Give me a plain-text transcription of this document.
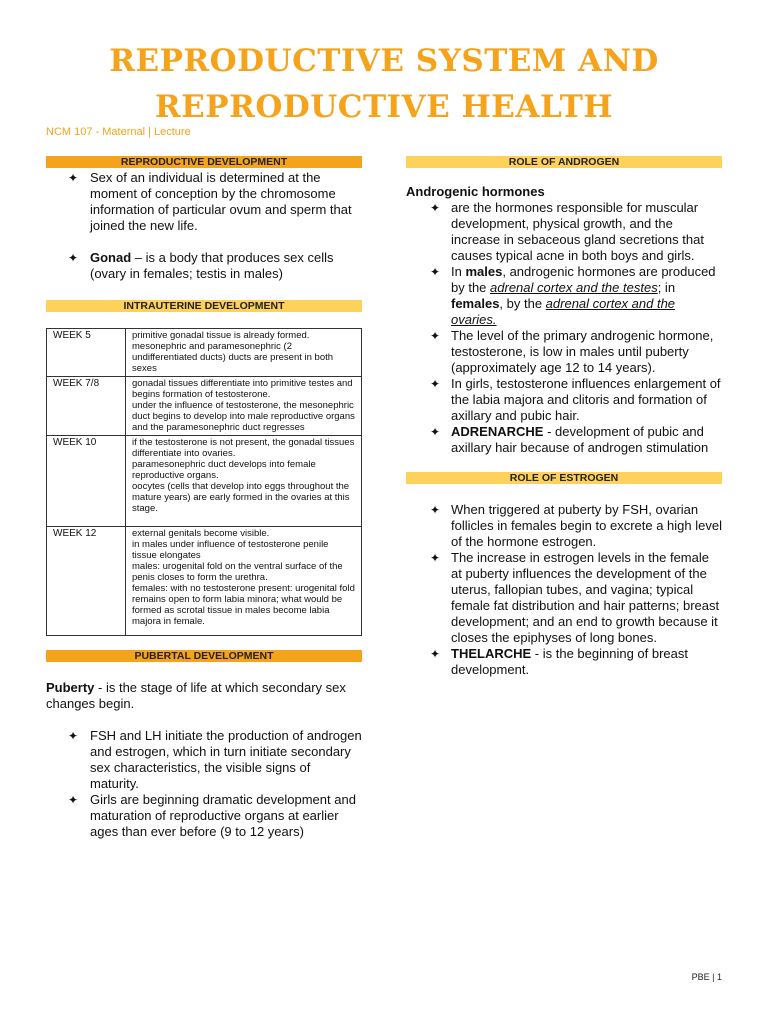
REPRODUCTIVE SYSTEM AND
REPRODUCTIVE HEALTH
NCM 107 - Maternal | Lecture
REPRODUCTIVE DEVELOPMENT
✦ Sex of an individual is determined at the moment of conception by the chromosome information of particular ovum and sperm that joined the new life.
✦ Gonad – is a body that produces sex cells (ovary in females; testis in males)
INTRAUTERINE DEVELOPMENT
WEEK 5	primitive gonadal tissue is already formed.
mesonephric and paramesonephric (2 undifferentiated ducts) ducts are present in both sexes

WEEK 7/8	gonadal tissues differentiate into primitive testes and begins formation of testosterone.
under the influence of testosterone, the mesonephric duct begins to develop into male reproductive organs and the paramesonephric duct regresses

WEEK 10	if the testosterone is not present, the gonadal tissues differentiate into ovaries.
paramesonephric duct develops into female reproductive organs.
oocytes (cells that develop into eggs throughout the mature years) are early formed in the ovaries at this stage.

WEEK 12	external genitals become visible.
in males under influence of testosterone penile tissue elongates
males: urogenital fold on the ventral surface of the penis closes to form the urethra.
females: with no testosterone present: urogenital fold remains open to form labia minora; what would be formed as scrotal tissue in males become labia majora in female.
PUBERTAL DEVELOPMENT

Puberty - is the stage of life at which secondary sex changes begin.

✦ FSH and LH initiate the production of androgen and estrogen, which in turn initiate secondary sex characteristics, the visible signs of maturity.
✦ Girls are beginning dramatic development and maturation of reproductive organs at earlier ages than ever before (9 to 12 years)
ROLE OF ANDROGEN

Androgenic hormones

✦ are the hormones responsible for muscular development, physical growth, and the increase in sebaceous gland secretions that causes typical acne in both boys and girls.
✦ In males, androgenic hormones are produced by the adrenal cortex and the testes; in females, by the adrenal cortex and the ovaries.
✦ The level of the primary androgenic hormone, testosterone, is low in males until puberty (approximately age 12 to 14 years).
✦ In girls, testosterone influences enlargement of the labia majora and clitoris and formation of axillary and pubic hair.
✦ ADRENARCHE - development of pubic and axillary hair because of androgen stimulation
ROLE OF ESTROGEN
✦ When triggered at puberty by FSH, ovarian follicles in females begin to excrete a high level of the hormone estrogen.
✦ The increase in estrogen levels in the female at puberty influences the development of the uterus, fallopian tubes, and vagina; typical female fat distribution and hair patterns; breast development; and an end to growth because it closes the epiphyses of long bones.
✦ THELARCHE - is the beginning of breast development.
PBE | 1
